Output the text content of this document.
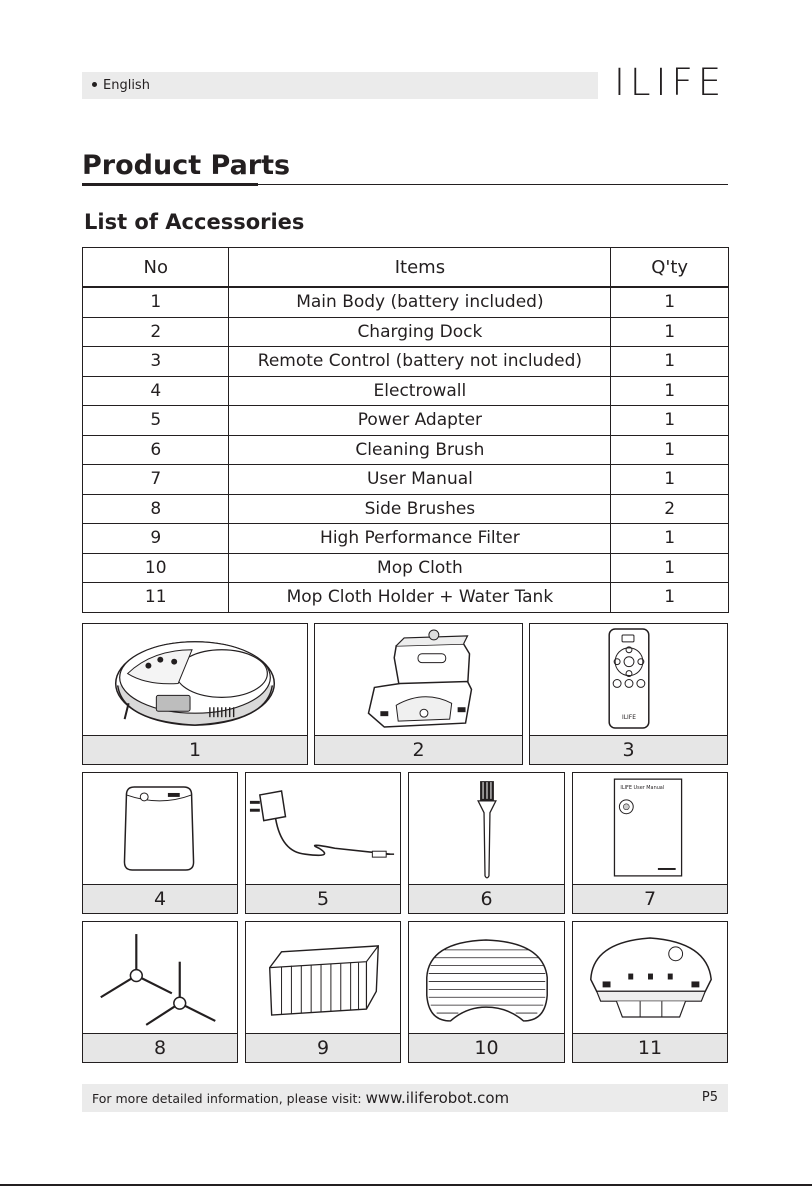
English	ILIFE
Product Parts
List of Accessories
No	Items	Q'ty
1	Main Body (battery included)	1
2	Charging Dock	1
3	Remote Control (battery not included)	1
4	Electrowall	1
5	Power Adapter	1
6	Cleaning Brush	1
7	User Manual	1
8	Side Brushes	2
9	High Performance Filter	1
10	Mop Cloth	1
11	Mop Cloth Holder + Water Tank	1
1	2
ILIFE
3
4	5	6
ILIFE User Manual
7
8	9	10	11
For more detailed information, please visit: www.iliferobot.com	P5
